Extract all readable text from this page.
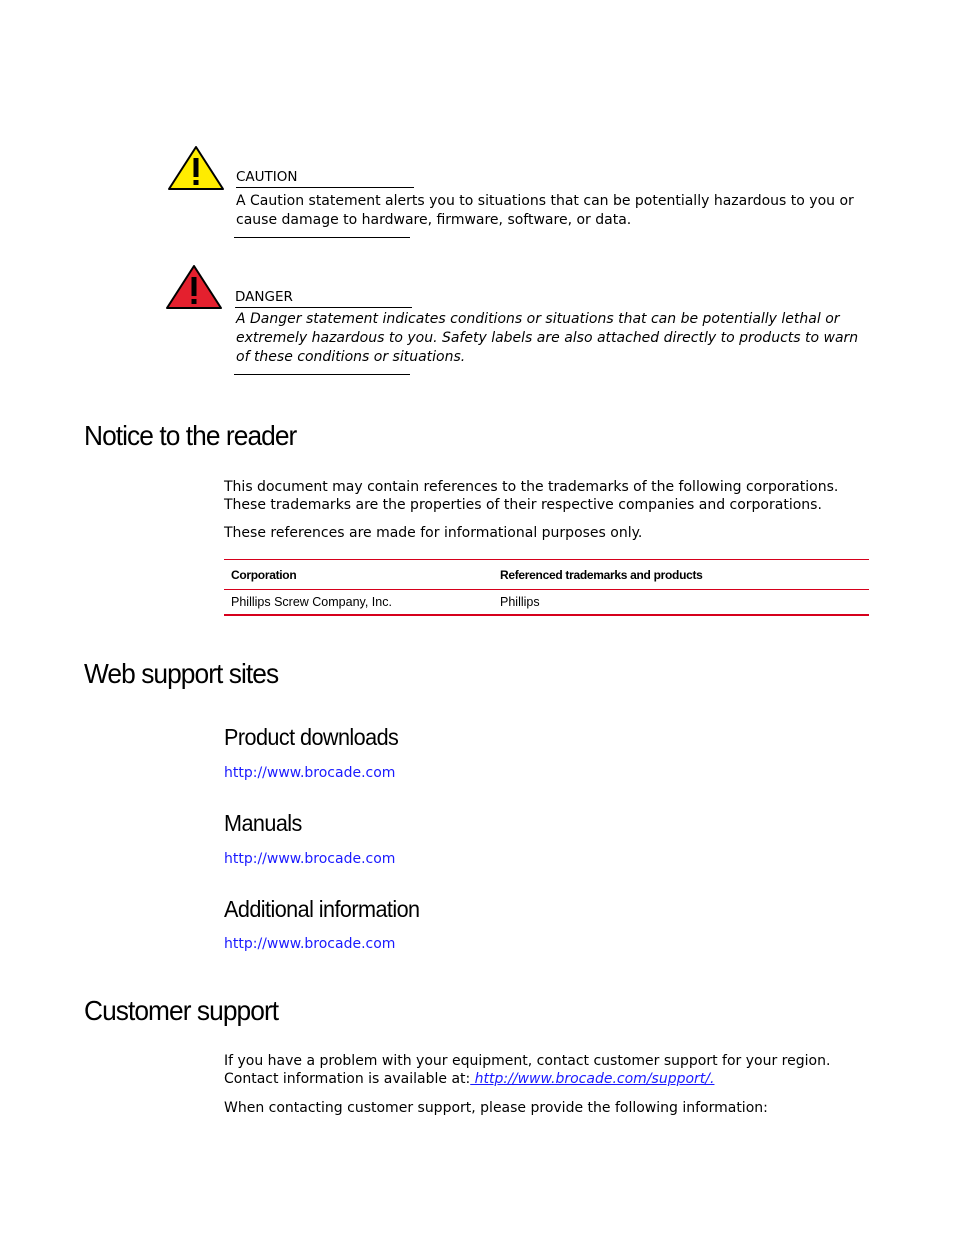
CAUTION
A Caution statement alerts you to situations that can be potentially hazardous to you or cause damage to hardware, firmware, software, or data.
DANGER
A Danger statement indicates conditions or situations that can be potentially lethal or extremely hazardous to you. Safety labels are also attached directly to products to warn of these conditions or situations.
Notice to the reader
This document may contain references to the trademarks of the following corporations. These trademarks are the properties of their respective companies and corporations.
These references are made for informational purposes only.
Corporation	Referenced trademarks and products
Phillips Screw Company, Inc.	Phillips
Web support sites
Product downloads
http://www.brocade.com
Manuals
http://www.brocade.com
Additional information
http://www.brocade.com
Customer support
If you have a problem with your equipment, contact customer support for your region. Contact information is available at: http://www.brocade.com/support/.
When contacting customer support, please provide the following information:
